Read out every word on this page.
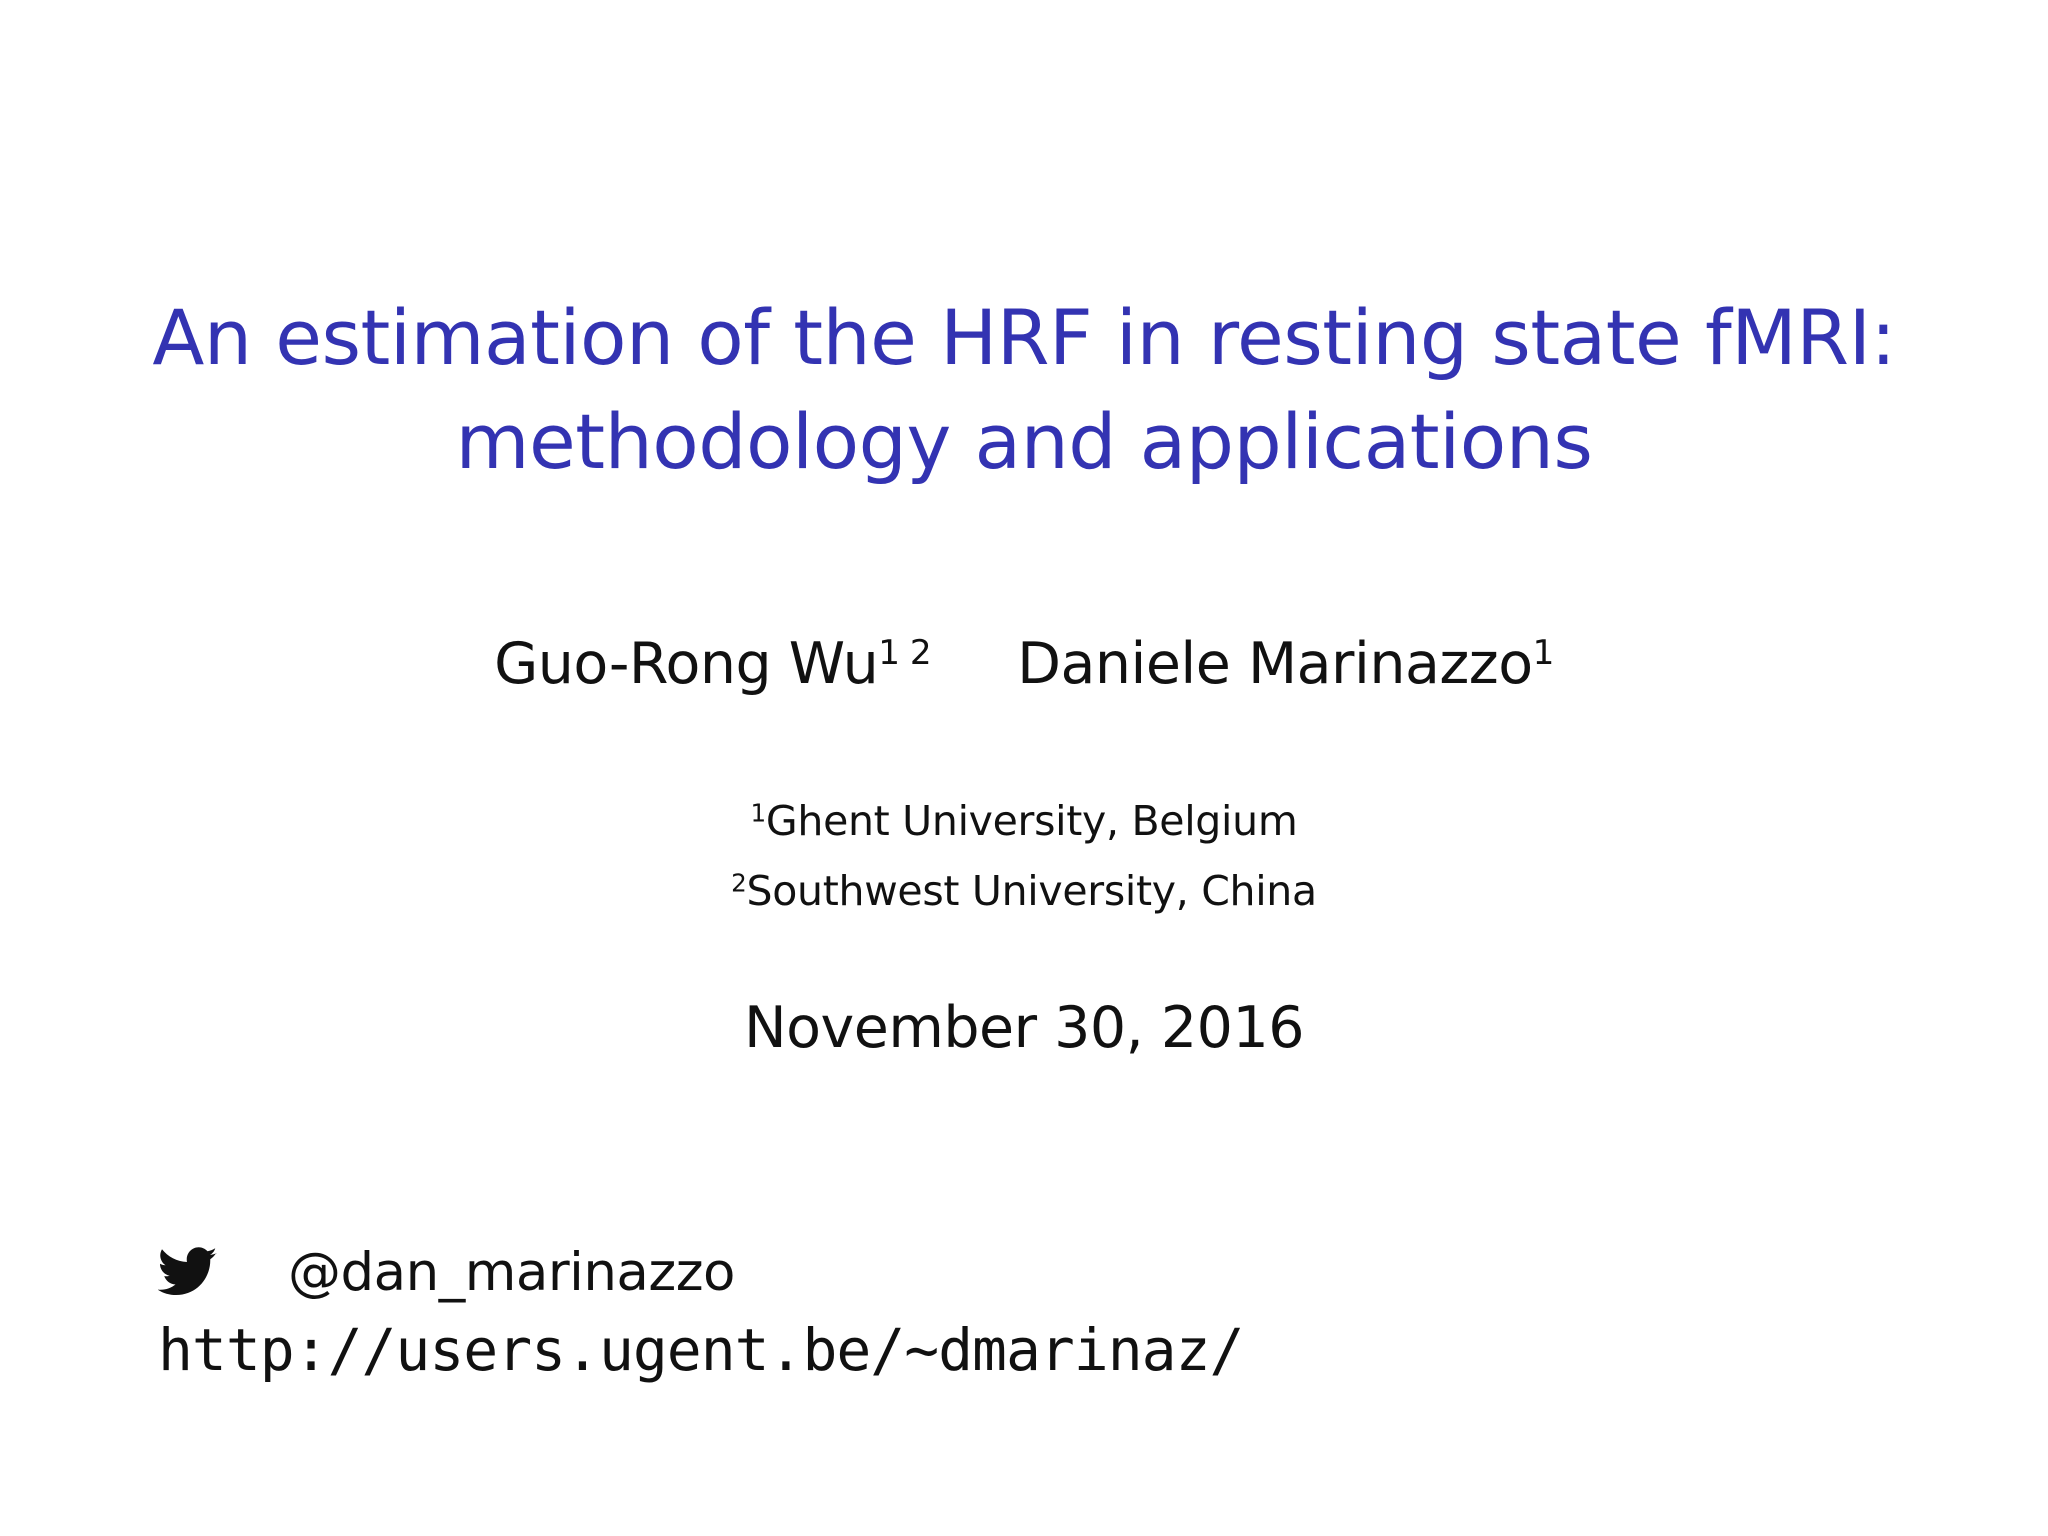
An estimation of the HRF in resting state fMRI:
methodology and applications
Guo-Rong $Wu^{1 2}$ Daniele Marinazzo$^1$
$^1$Ghent University, Belgium
$^2$Southwest University, China
November 30, 2016
@dan_marinazzo
http://users.ugent.be/~dmarinaz/
